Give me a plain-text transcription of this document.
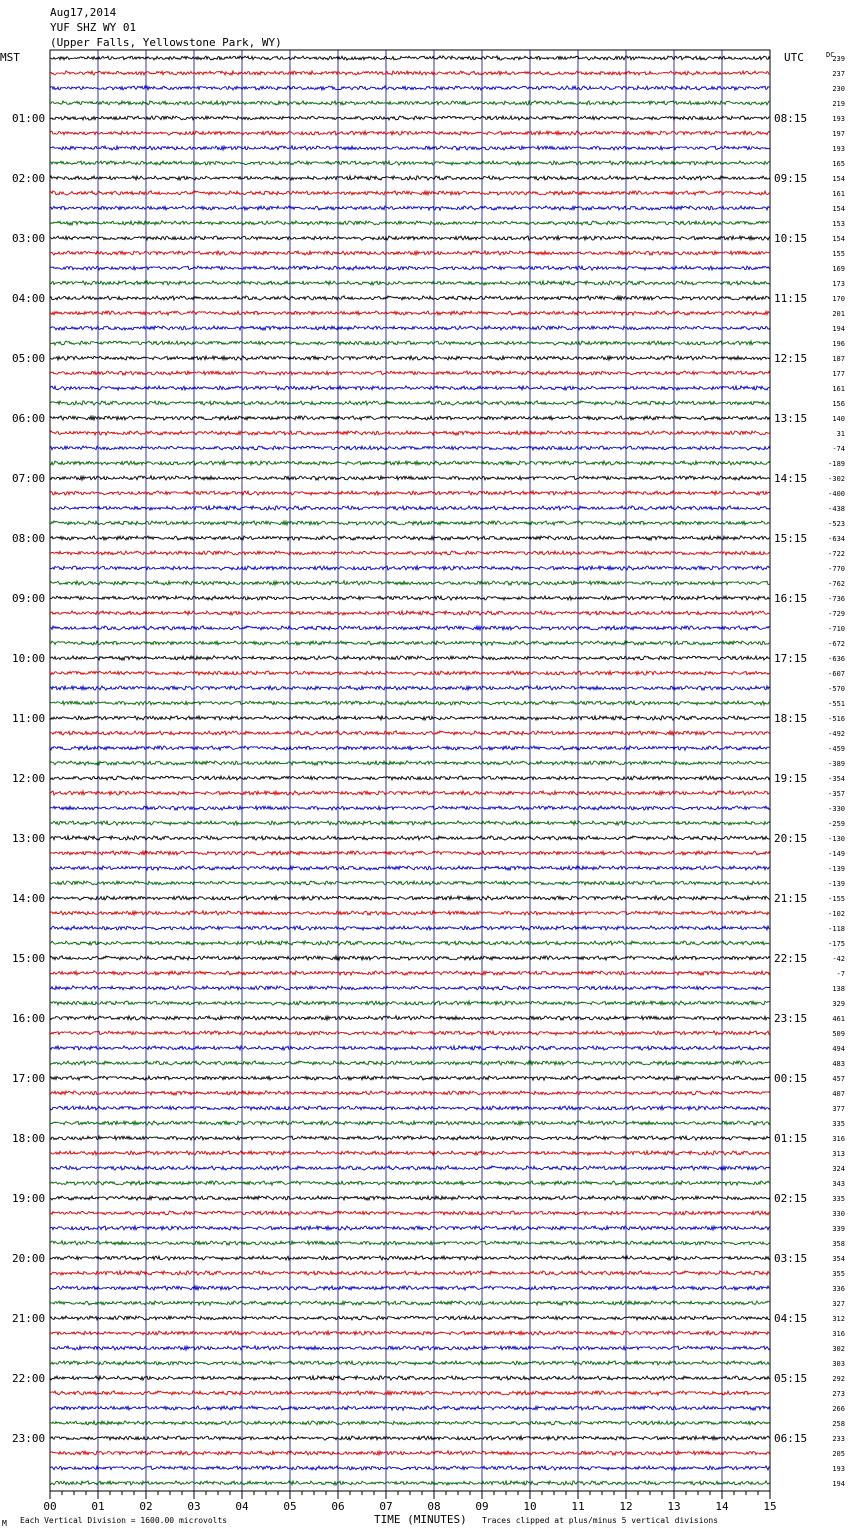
Aug17,2014
YUF SHZ WY 01
(Upper Falls, Yellowstone Park, WY)
MST	UTC	DC
01:00
02:00
03:00
04:00
05:00
06:00
07:00
08:00
09:00
10:00
11:00
12:00
13:00
14:00
15:00
16:00
17:00
18:00
19:00
20:00
21:00
22:00
23:00
08:15
09:15
10:15
11:15
12:15
13:15
14:15
15:15
16:15
17:15
18:15
19:15
20:15
21:15
22:15
23:15
00:15
01:15
02:15
03:15
04:15
05:15
06:15
239
237
230
219
193
197
193
165
154
161
154
153
154
155
169
173
170
201
194
196
187
177
161
156
140
31
-74
-189
-302
-400
-438
-523
-634
-722
-770
-762
-736
-729
-710
-672
-636
-607
-570
-551
-516
-492
-459
-389
-354
-357
-330
-259
-130
-149
-139
-139
-155
-102
-118
-175
-42
-7
138
329
461
509
494
483
457
407
377
335
316
313
324
343
335
330
339
358
354
355
336
327
312
316
302
303
292
273
266
258
233
205
193
194
00	01	02	03	04	05	06	07	08	09	10	11	12	13	14	15
M Each Vertical Division = 1600.00 microvolts	TIME (MINUTES) Traces clipped at plus/minus 5 vertical divisions
